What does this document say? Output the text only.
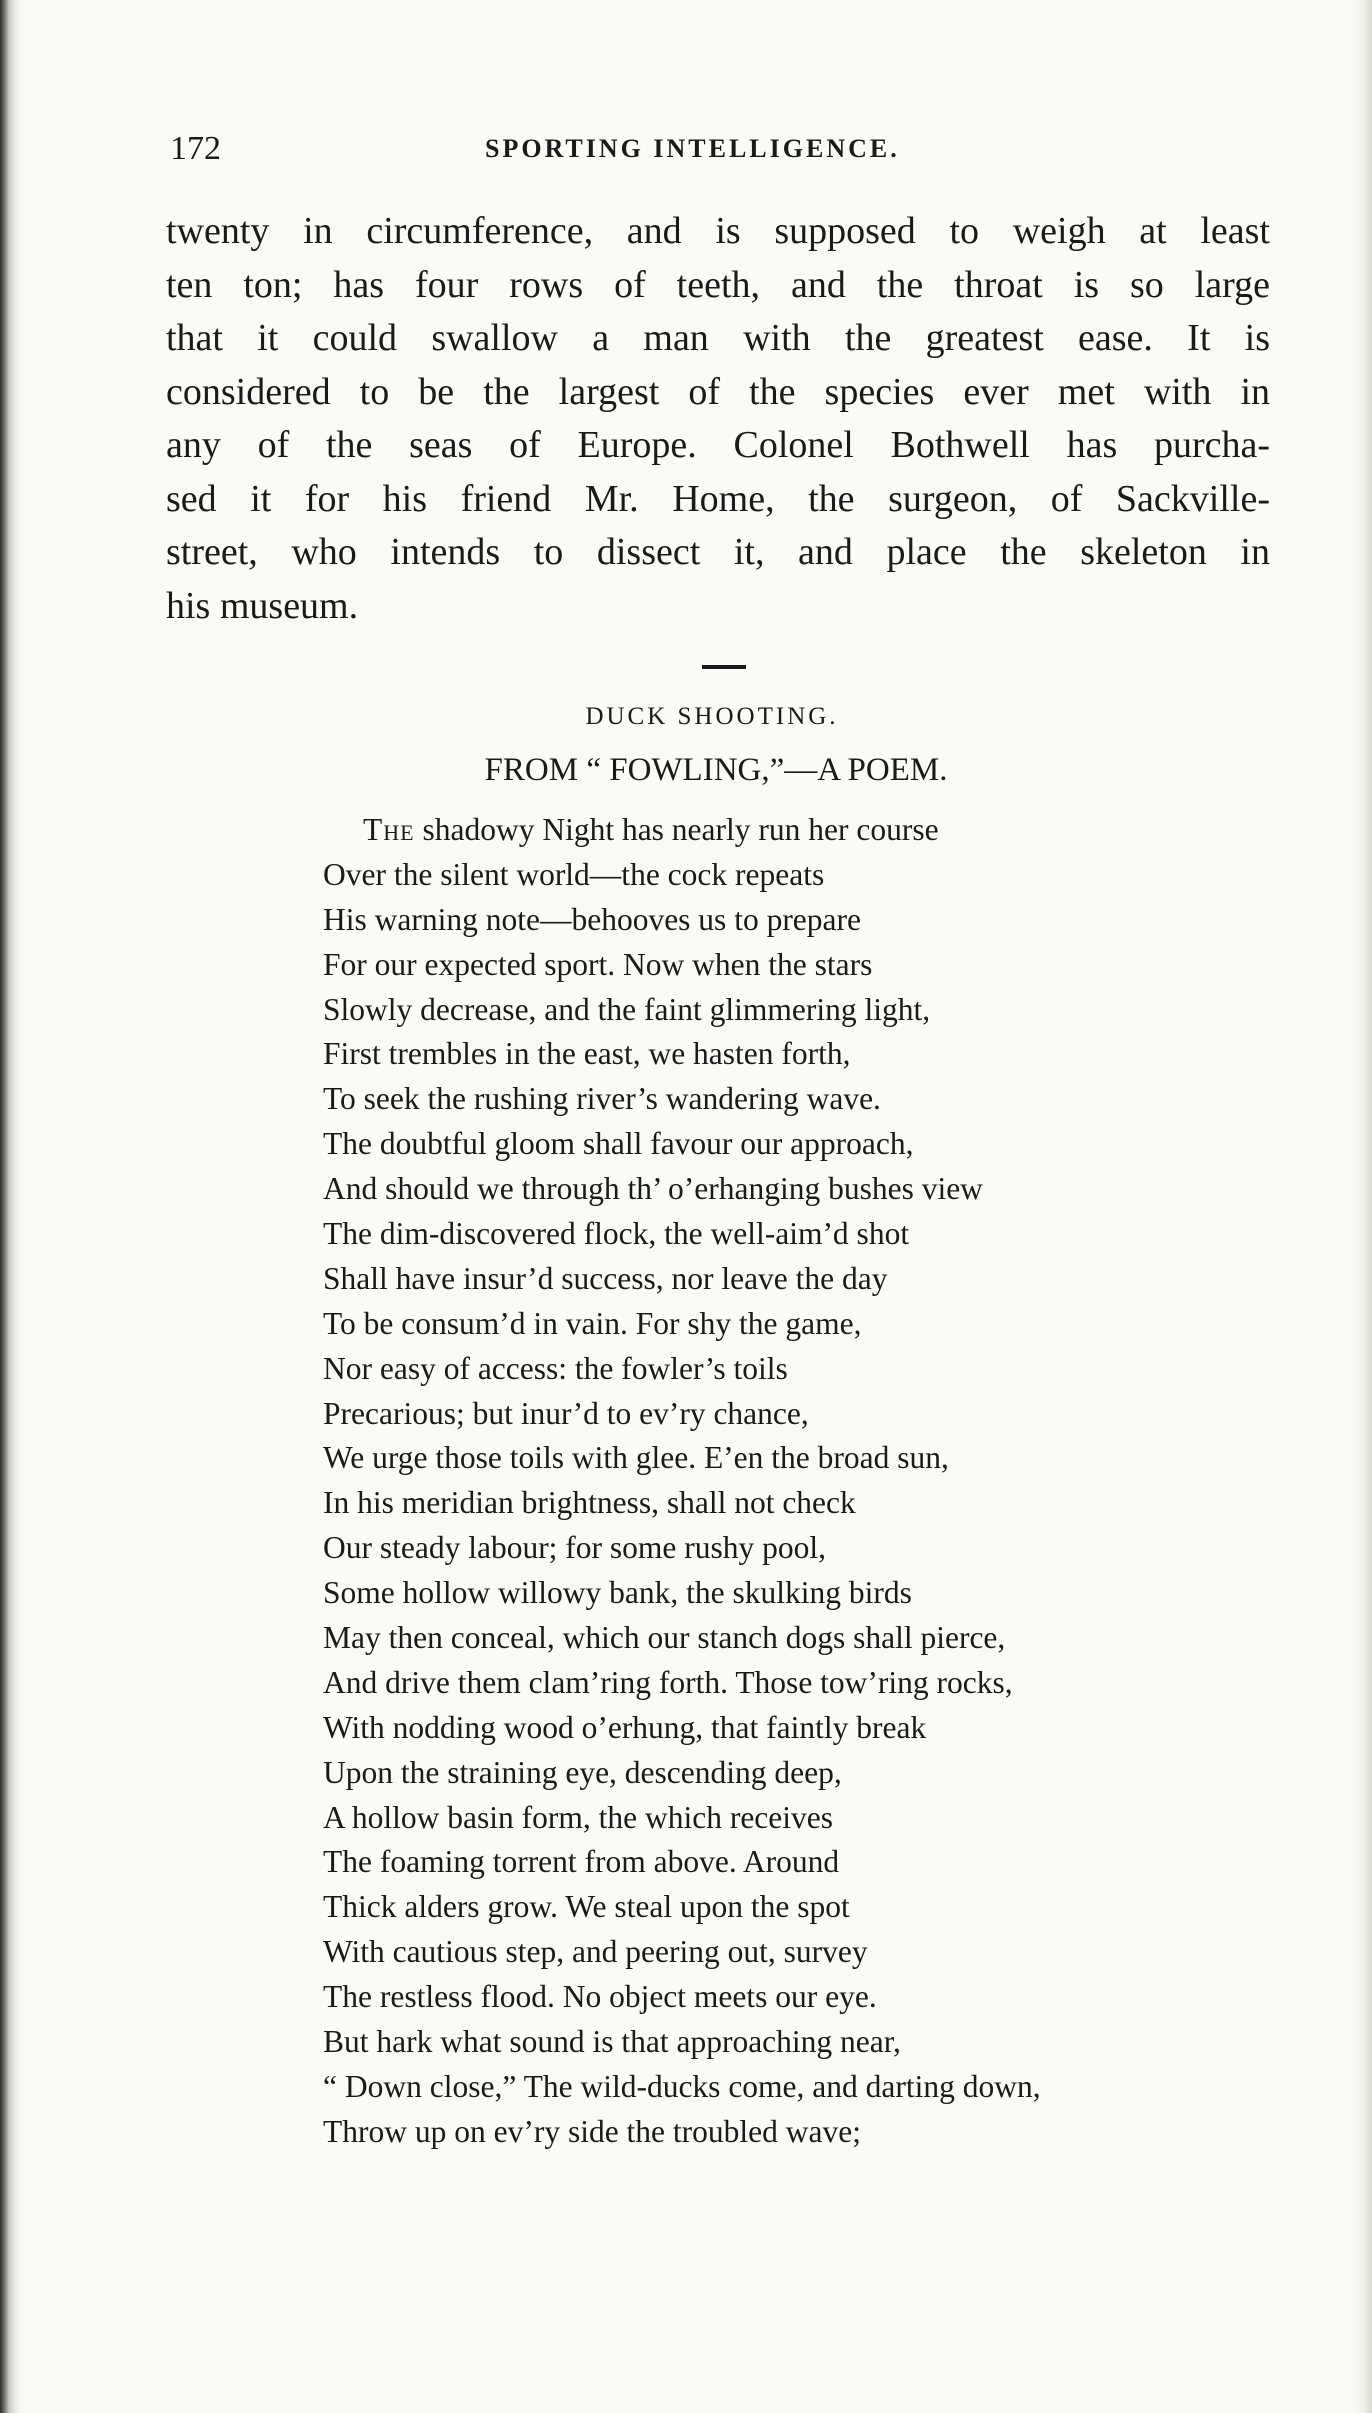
172	SPORTING INTELLIGENCE.

twenty in circumference, and is supposed to weigh at least
ten ton; has four rows of teeth, and the throat is so large
that it could swallow a man with the greatest ease. It is
considered to be the largest of the species ever met with in
any of the seas of Europe. Colonel Bothwell has purcha-
sed it for his friend Mr. Home, the surgeon, of Sackville-
street, who intends to dissect it, and place the skeleton in
his museum.

DUCK SHOOTING.
FROM “ FOWLING,”—A POEM.
The shadowy Night has nearly run her course
Over the silent world—the cock repeats
His warning note—behooves us to prepare
For our expected sport. Now when the stars
Slowly decrease, and the faint glimmering light,
First trembles in the east, we hasten forth,
To seek the rushing river’s wandering wave.
The doubtful gloom shall favour our approach,
And should we through th’ o’erhanging bushes view
The dim-discovered flock, the well-aim’d shot
Shall have insur’d success, nor leave the day
To be consum’d in vain. For shy the game,
Nor easy of access: the fowler’s toils
Precarious; but inur’d to ev’ry chance,
We urge those toils with glee. E’en the broad sun,
In his meridian brightness, shall not check
Our steady labour; for some rushy pool,
Some hollow willowy bank, the skulking birds
May then conceal, which our stanch dogs shall pierce,
And drive them clam’ring forth. Those tow’ring rocks,
With nodding wood o’erhung, that faintly break
Upon the straining eye, descending deep,
A hollow basin form, the which receives
The foaming torrent from above. Around
Thick alders grow. We steal upon the spot
With cautious step, and peering out, survey
The restless flood. No object meets our eye.
But hark what sound is that approaching near,
“ Down close,” The wild-ducks come, and darting down,
Throw up on ev’ry side the troubled wave;
